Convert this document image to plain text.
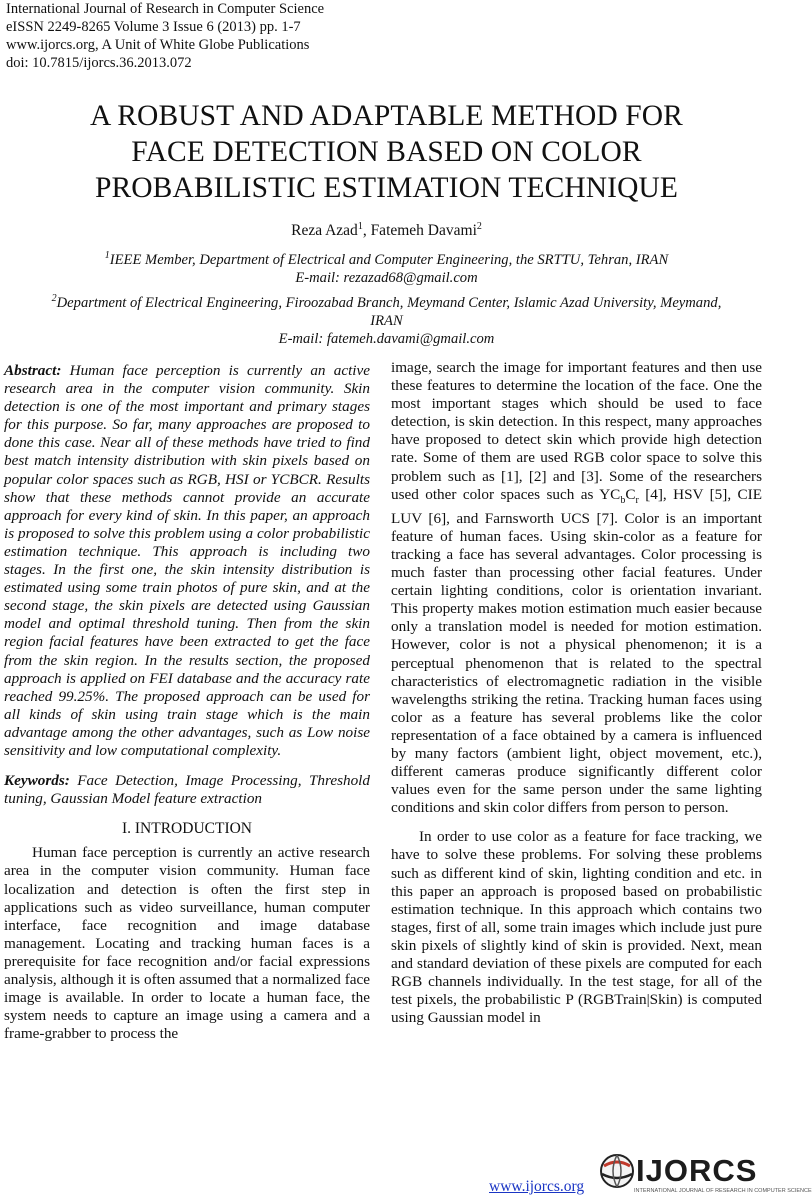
International Journal of Research in Computer Science
eISSN 2249-8265 Volume 3 Issue 6 (2013) pp. 1-7
www.ijorcs.org, A Unit of White Globe Publications
doi: 10.7815/ijorcs.36.2013.072
A ROBUST AND ADAPTABLE METHOD FOR
FACE DETECTION BASED ON COLOR
PROBABILISTIC ESTIMATION TECHNIQUE
Reza Azad$^1$, Fatemeh Davami$^2$
$^1$IEEE Member, Department of Electrical and Computer Engineering, the SRTTU, Tehran, IRAN
E-mail: rezazad68@gmail.com
$^2$Department of Electrical Engineering, Firoozabad Branch, Meymand Center, Islamic Azad University, Meymand,
IRAN
E-mail: fatemeh.davami@gmail.com

Abstract: Human face perception is currently an active research area in the computer vision community. Skin detection is one of the most important and primary stages for this purpose. So far, many approaches are proposed to done this case. Near all of these methods have tried to find best match intensity distribution with skin pixels based on popular color spaces such as RGB, HSI or YCBCR. Results show that these methods cannot provide an accurate approach for every kind of skin. In this paper, an approach is proposed to solve this problem using a color probabilistic estimation technique. This approach is including two stages. In the first one, the skin intensity distribution is estimated using some train photos of pure skin, and at the second stage, the skin pixels are detected using Gaussian model and optimal threshold tuning. Then from the skin region facial features have been extracted to get the face from the skin region. In the results section, the proposed approach is applied on FEI database and the accuracy rate reached 99.25%. The proposed approach can be used for all kinds of skin using train stage which is the main advantage among the other advantages, such as Low noise sensitivity and low computational complexity.

Keywords: Face Detection, Image Processing, Threshold tuning, Gaussian Model feature extraction

I. INTRODUCTION

Human face perception is currently an active research area in the computer vision community. Human face localization and detection is often the first step in applications such as video surveillance, human computer interface, face recognition and image database management. Locating and tracking human faces is a prerequisite for face recognition and/or facial expressions analysis, although it is often assumed that a normalized face image is available. In order to locate a human face, the system needs to capture an image using a camera and a frame-grabber to process the

image, search the image for important features and then use these features to determine the location of the face. One the most important stages which should be used to face detection, is skin detection. In this respect, many approaches have proposed to detect skin which provide high detection rate. Some of them are used RGB color space to solve this problem such as [1], [2] and [3]. Some of the researchers used other color spaces such as $YC_bC_r$ [4], HSV [5], CIE LUV [6], and Farnsworth UCS [7]. Color is an important feature of human faces. Using skin-color as a feature for tracking a face has several advantages. Color processing is much faster than processing other facial features. Under certain lighting conditions, color is orientation invariant. This property makes motion estimation much easier because only a translation model is needed for motion estimation. However, color is not a physical phenomenon; it is a perceptual phenomenon that is related to the spectral characteristics of electromagnetic radiation in the visible wavelengths striking the retina. Tracking human faces using color as a feature has several problems like the color representation of a face obtained by a camera is influenced by many factors (ambient light, object movement, etc.), different cameras produce significantly different color values even for the same person under the same lighting conditions and skin color differs from person to person.

In order to use color as a feature for face tracking, we have to solve these problems. For solving these problems such as different kind of skin, lighting condition and etc. in this paper an approach is proposed based on probabilistic estimation technique. In this approach which contains two stages, first of all, some train images which include just pure skin pixels of slightly kind of skin is provided. Next, mean and standard deviation of these pixels are computed for each RGB channels individually. In the test stage, for all of the test pixels, the probabilistic P (RGBTrain|Skin) is computed using Gaussian model in

www.ijorcs.org IJORCS
INTERNATIONAL JOURNAL OF RESEARCH IN COMPUTER SCIENCE
